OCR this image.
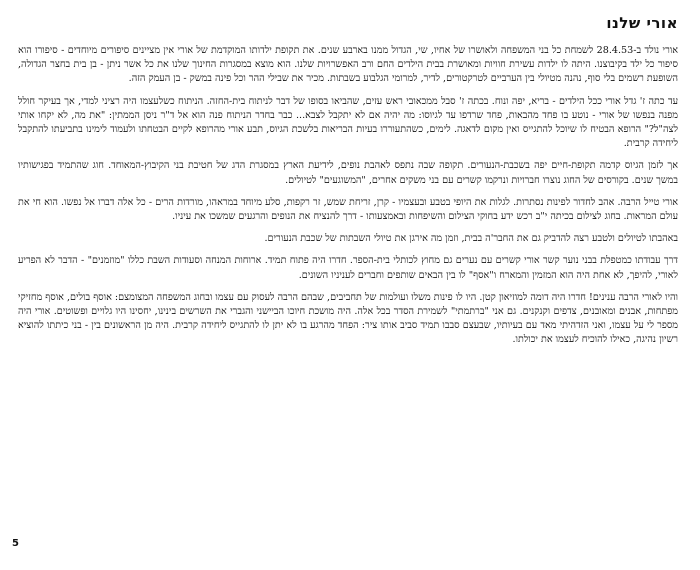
אורי שלנו

אורי נולד ב-28.4.53 לשמחת כל בני המשפחה ולאושרו של אחיו, שי, הגדול ממנו בארבע שנים. את תקופת ילדותו המוקדמת של אורי אין מציינים סיפורים מיוחדים - סיפורו הוא סיפור כל ילד בקיבוצנו. היתה לו ילדות עשירת חוויות ומאושרת בבית הילדים החם ורב האפשרויות שלנו. הוא מוצא במסגרות החינוך שלנו את כל אשר ניתן - בן בית בחצר הגדולה, השופעת רשמים בלי סוף, נהנה מטיולי בין הערביים לטרקטורים, לדיר, למרומי הגלבוע בשבתות. מכיר את שבילי ההר וכל פינה במשק - בן העמק הזה.

עד כתה ז' גדל אורי ככל הילדים - בריא, יפה ונוח. בכתה ז' סבל ממכאובי ראש עזים, שהביאו בסופו של דבר לניתוח בית-החזה. הניתוח כשלעצמו היה רציני למדי, אך בעיקר חולל מפנה בנפשו של אורי - נוטע בו פחד מהבאות, פחד שרדפו עד לגיוסו: מה יהיה אם לא יתקבל לצבא... כבר בחדר הניתוח פנה הוא אל ד"ר ניסן הממתין: "את מה, לא יקחו אותי לצה"ל?" הרופא הבטיח לו שיוכל להתגייס ואין מקום לדאגה. לימים, כשהתעוררו בעיות הבריאות בלשכת הגיוס, תבע אורי מהרופא לקיים הבטחתו ולעמוד לימינו בתביעתו להתקבל ליחידה קרבית.

אך לזמן הגיוס קדמה תקופת-חיים יפה בשכבת-הנעורים. תקופה שבה נתפס לאהבת נופים, לידיעת הארץ במסגרת הדג של חטיבת בני הקיבוץ-המאוחד. חוג שהתמיד בפגישותיו במשך שנים. בקורסים של החוג נוצרו חברויות ונרקמו קשרים עם בני משקים אחרים, "המשוגעים" לטיולים.

אורי טייל הרבה. אהב לחדור לפינות נסתרות. לגלות את היופי בטבע ובעצמיו - קרן, זריחת שמש, זר רקפות, סלע מיוחד במראהו, מורדות הרים - כל אלה דברו אל נפשו. הוא חי את עולם המראות. בחוג לצילום בכיתה י"ב רכש ידע בחוקי הצילום והשיפחות ובאמצעותו - דרך להנציח את הנופים והרגעים שמשכו את עיניו.

באהבתו לטיולים ולטבע רצה להדביק גם את החבר'ה בבית, וזמן מה אירגן את טיולי השבתות של שכבת הנעורים.

דרך עבודתו כמטפלת בבני נוער קשר אורי קשרים עם נערים גם מחוץ לכותלי בית-הספר. חדרו היה פתוח תמיד. ארוחות המנחה וסעודות השבת כללו "מוזמנים" - הדבר לא הפריע לאורי, להיפך, לא אחת היה הוא המזמין והמארח ו"אסף" לו בין הבאים שותפים וחברים לעניניו השונים.

והיו לאורי הרבה ענינים! חדרו היה דומה למוזיאון קטן. היו לו פינות משלו ועולמות של תחביבים, שבהם הרבה לעסוק עם עצמו ובחוג המשפחה המצומצם: אוסף בולים, אוסף מחזיקי מפתחות, אבנים ומאובנים, צדפים וקנקנים. גם אני "ברתמתי" לשמירת הסדר בכל אלה. היה מושכת חיוכו הביישני והגברי את השרשים בינינו, יחסינו היו גלויים ופשוטים. אורי היה מספר לי על עצמו, ואני הזדהיתי מאד עם בעיותיו, שבעצם סבבו תמיד סביב אותו ציר: הפחד מהרגע בו לא יתן לו להתגייס ליחידה קרבית. היה מן הראשונים בין - בני כיתתו להוציא רשיון נהיגה, כאילו להוכיח לעצמו את יכולתו.

5
